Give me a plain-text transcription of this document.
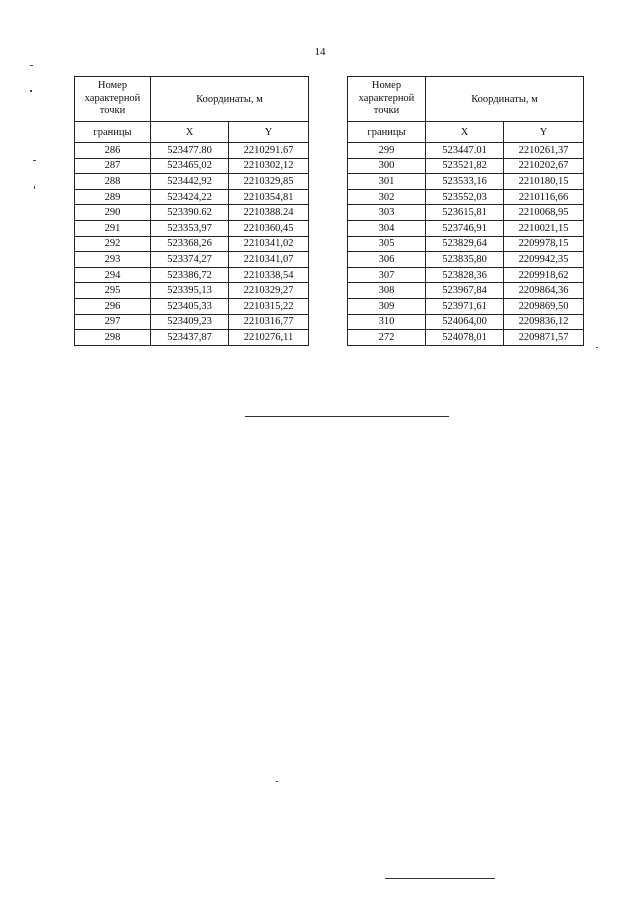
14
Номер
характерной
точки	Координаты, м	
границы	X	Y
286	523477.80	2210291.67
287	523465,02	2210302,12
288	523442,92	2210329,85
289	523424,22	2210354,81
290	523390.62	2210388.24
291	523353,97	2210360,45
292	523368,26	2210341,02
293	523374,27	2210341,07
294	523386,72	2210338,54
295	523395,13	2210329,27
296	523405,33	2210315,22
297	523409,23	2210316,77
298	523437,87	2210276,11
Номер
характерной
точки	Координаты, м	
границы	X	Y
299	523447.01	2210261,37
300	523521,82	2210202,67
301	523533,16	2210180,15
302	523552,03	2210116,66
303	523615,81	2210068,95
304	523746,91	2210021,15
305	523829,64	2209978,15
306	523835,80	2209942,35
307	523828,36	2209918,62
308	523967,84	2209864,36
309	523971,61	2209869,50
310	524064,00	2209836,12
272	524078,01	2209871,57
